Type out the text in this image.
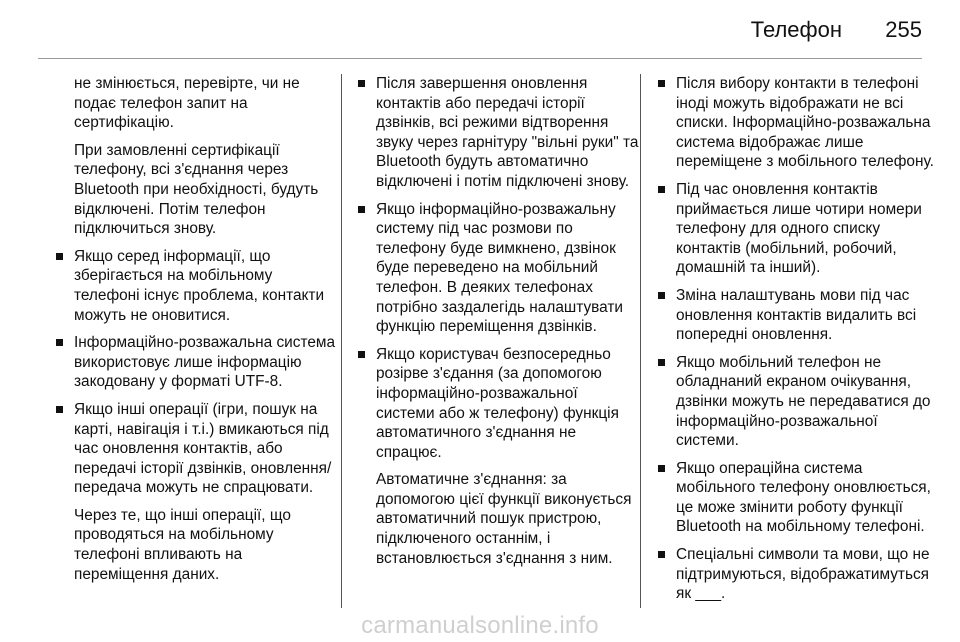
Телефон 255

не змінюється, перевірте, чи не подає телефон запит на сертифікацію.

При замовленні сертифікації телефону, всі з'єднання через Bluetooth при необхідності, будуть відключені. Потім телефон підключиться знову.

Якщо серед інформації, що зберігається на мобільному телефоні існує проблема, контакти можуть не оновитися.

Інформаційно-розважальна система використовує лише інформацію закодовану у форматі UTF-8.

Якщо інші операції (ігри, пошук на карті, навігація і т.і.) вмикаються під час оновлення контактів, або передачі історії дзвінків, оновлення/передача можуть не спрацювати.

Через те, що інші операції, що проводяться на мобільному телефоні впливають на переміщення даних.

Після завершення оновлення контактів або передачі історії дзвінків, всі режими відтворення звуку через гарнітуру "вільні руки" та Bluetooth будуть автоматично відключені і потім підключені знову.

Якщо інформаційно-розважальну систему під час розмови по телефону буде вимкнено, дзвінок буде переведено на мобільний телефон. В деяких телефонах потрібно заздалегідь налаштувати функцію переміщення дзвінків.

Якщо користувач безпосередньо розірве з'єдання (за допомогою інформаційно-розважальної системи або ж телефону) функція автоматичного з'єднання не спрацює.

Автоматичне з'єднання: за допомогою цієї функції виконується автоматичний пошук пристрою, підключеного останнім, і встановлюється з'єднання з ним.

Після вибору контакти в телефоні іноді можуть відображати не всі списки. Інформаційно-розважальна система відображає лише переміщене з мобільного телефону.

Під час оновлення контактів приймається лише чотири номери телефону для одного списку контактів (мобільний, робочий, домашній та інший).

Зміна налаштувань мови під час оновлення контактів видалить всі попередні оновлення.

Якщо мобільний телефон не обладнаний екраном очікування, дзвінки можуть не передаватися до інформаційно-розважальної системи.

Якщо операційна система мобільного телефону оновлюється, це може змінити роботу функції Bluetooth на мобільному телефоні.

Спеціальні символи та мови, що не підтримуються, відображатимуться як ___.

carmanualsonline.info
